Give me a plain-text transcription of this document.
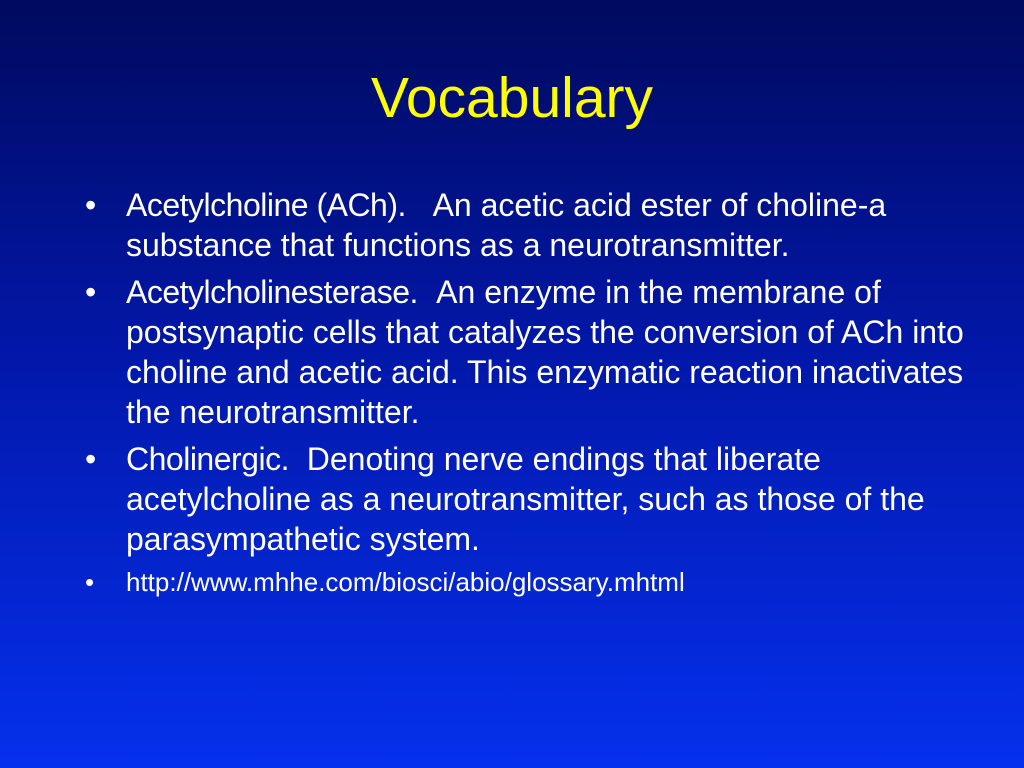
Vocabulary
• Acetylcholine (ACh). An acetic acid ester of choline-a substance that functions as a neurotransmitter.
• Acetylcholinesterase. An enzyme in the membrane of postsynaptic cells that catalyzes the conversion of ACh into choline and acetic acid. This enzymatic reaction inactivates the neurotransmitter.
• Cholinergic. Denoting nerve endings that liberate acetylcholine as a neurotransmitter, such as those of the parasympathetic system.
• http://www.mhhe.com/biosci/abio/glossary.mhtml
